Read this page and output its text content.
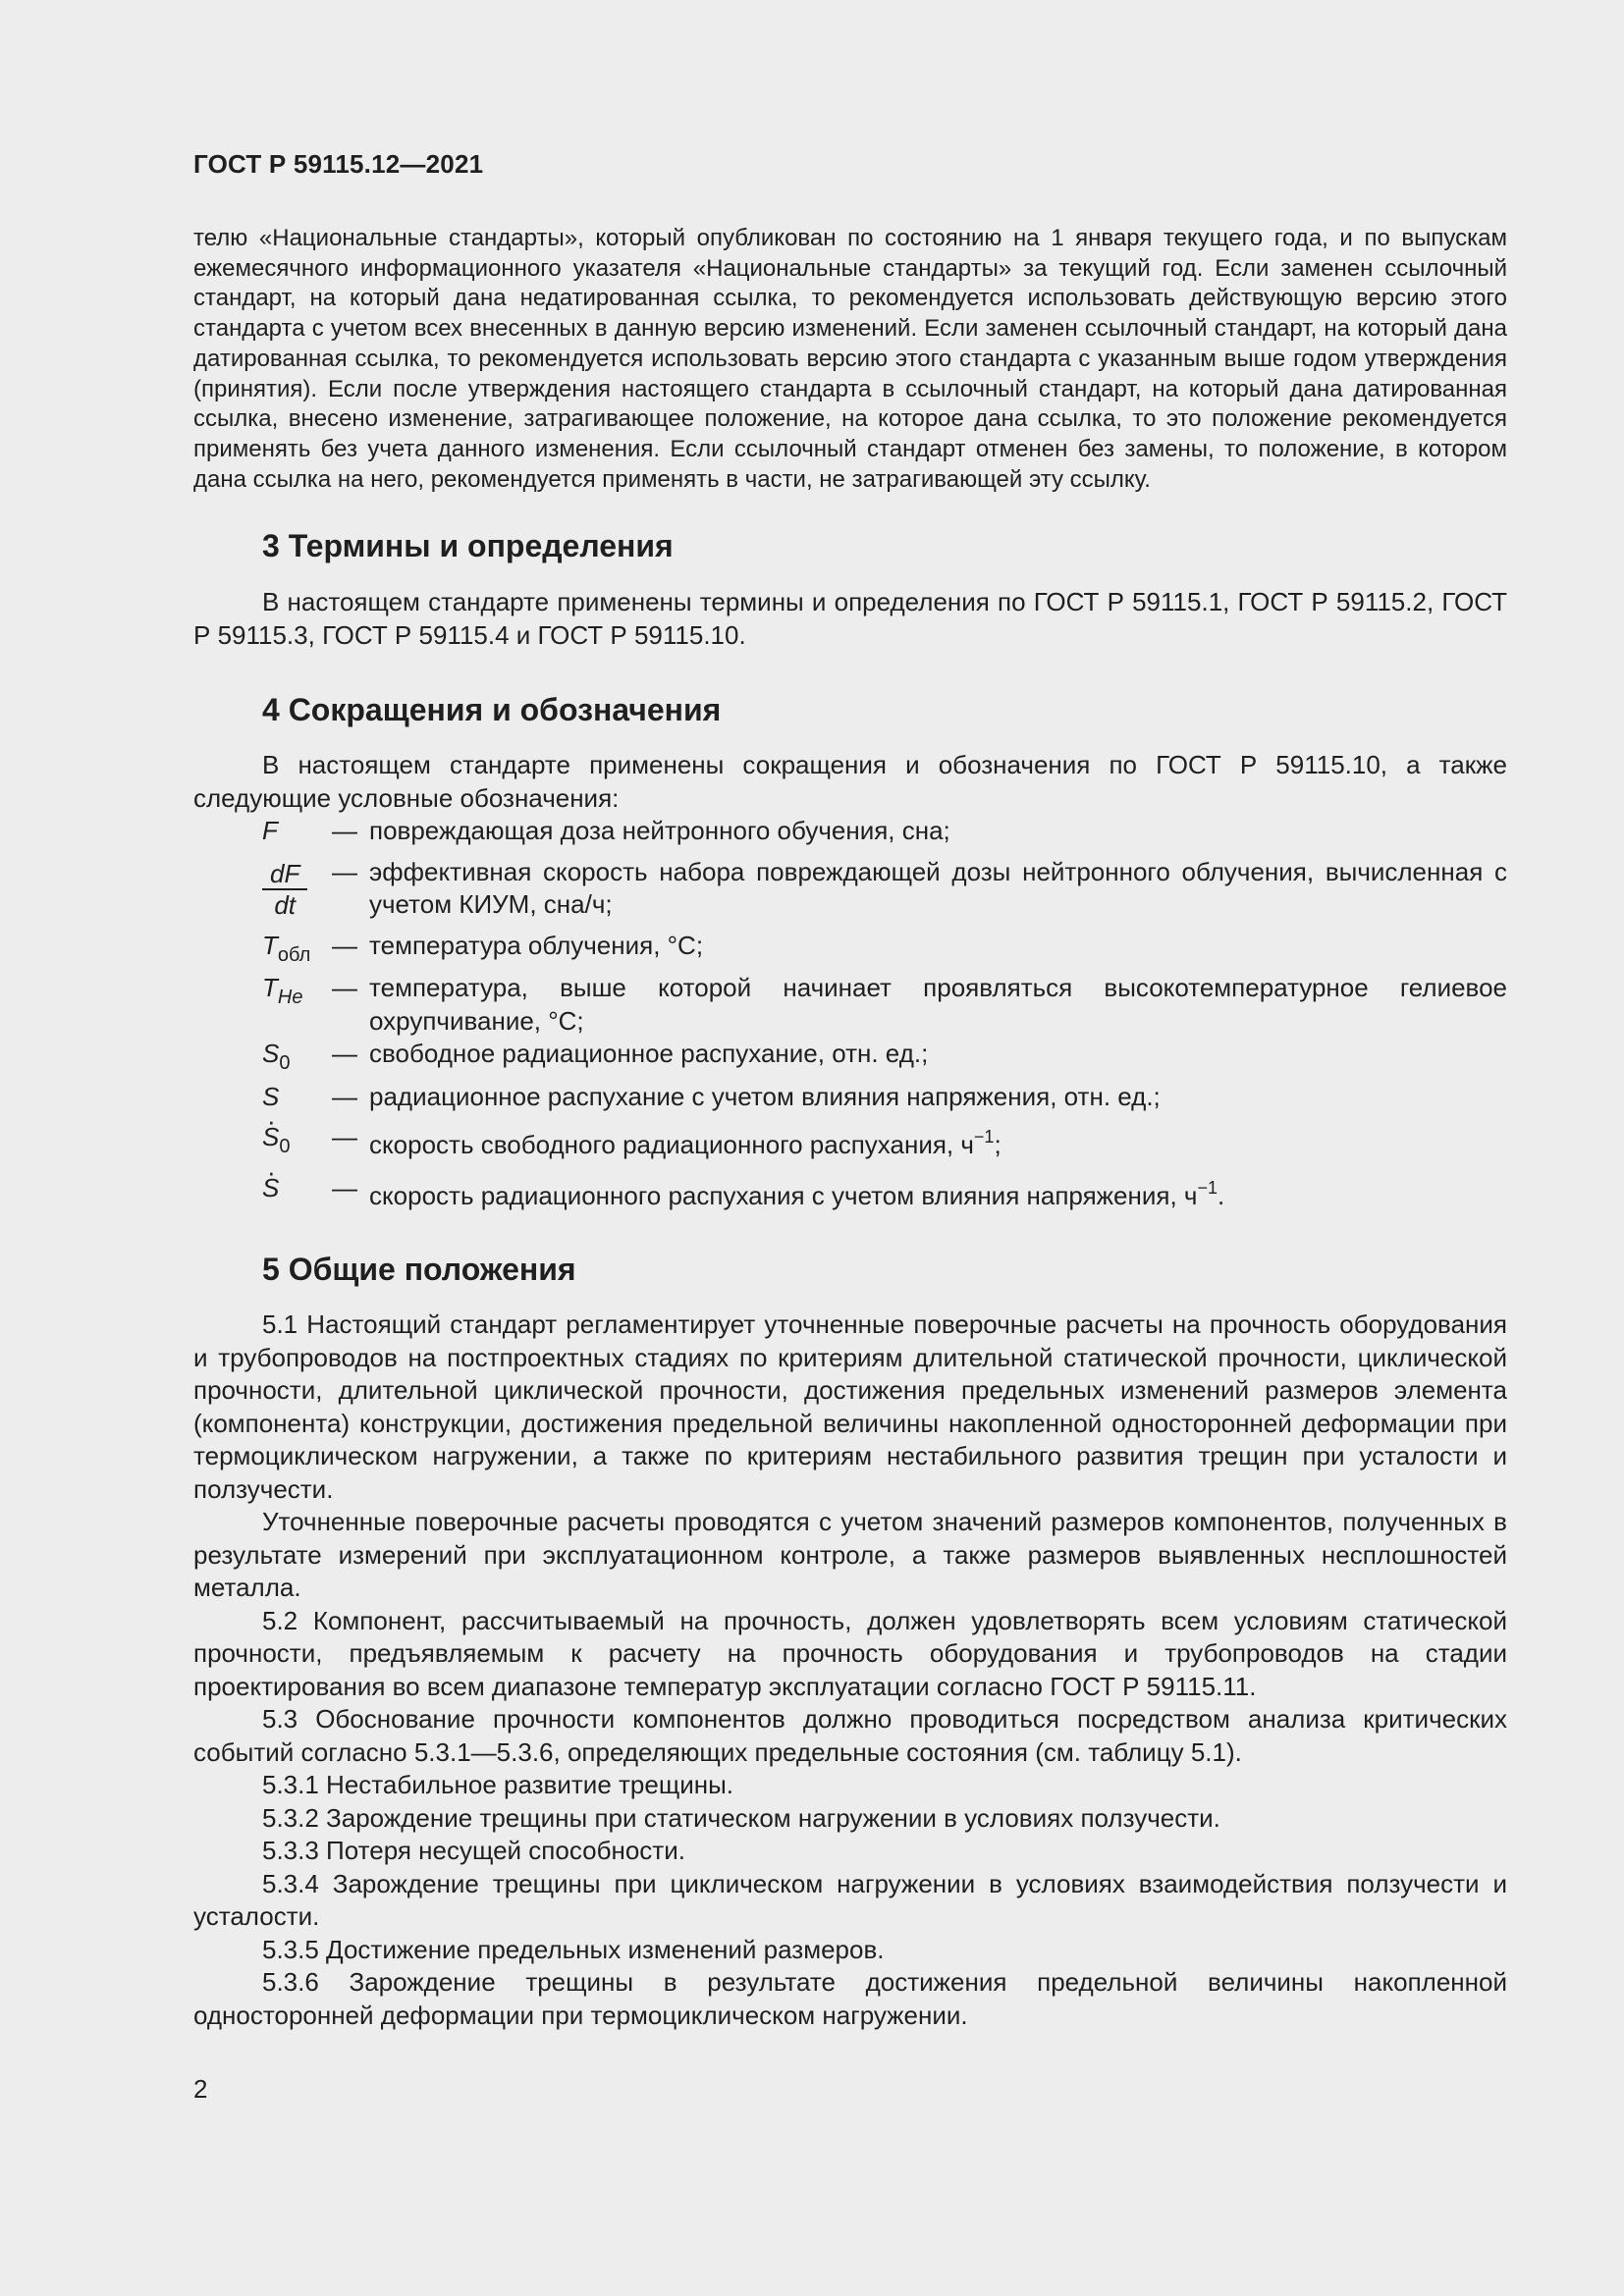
ГОСТ Р 59115.12—2021

телю «Национальные стандарты», который опубликован по состоянию на 1 января текущего года, и по выпускам ежемесячного информационного указателя «Национальные стандарты» за текущий год. Если заменен ссылочный стандарт, на который дана недатированная ссылка, то рекомендуется использовать действующую версию этого стандарта с учетом всех внесенных в данную версию изменений. Если заменен ссылочный стандарт, на который дана датированная ссылка, то рекомендуется использовать версию этого стандарта с указанным выше годом утверждения (принятия). Если после утверждения настоящего стандарта в ссылочный стандарт, на который дана датированная ссылка, внесено изменение, затрагивающее положение, на которое дана ссылка, то это положение рекомендуется применять без учета данного изменения. Если ссылочный стандарт отменен без замены, то положение, в котором дана ссылка на него, рекомендуется применять в части, не затрагивающей эту ссылку.

3 Термины и определения

В настоящем стандарте применены термины и определения по ГОСТ Р 59115.1, ГОСТ Р 59115.2, ГОСТ Р 59115.3, ГОСТ Р 59115.4 и ГОСТ Р 59115.10.

4 Сокращения и обозначения

В настоящем стандарте применены сокращения и обозначения по ГОСТ Р 59115.10, а также следующие условные обозначения:

F	— повреждающая доза нейтронного обучения, сна;
$\frac{dF}{dt}$ — эффективная скорость набора повреждающей дозы нейтронного облучения, вычисленная с учетом КИУМ, сна/ч;
$T_{обл}$ — температура облучения, °С;
$T_{He}$	— температура, выше которой начинает проявляться высокотемпературное гелиевое охрупчивание, °С;
$S_0$	— свободное радиационное распухание, отн. ед.;
S	— радиационное распухание с учетом влияния напряжения, отн. ед.;
· $S_0$	— скорость свободного радиационного распухания, $ч^{-1}$;
· S	— скорость радиационного распухания с учетом влияния напряжения, $ч^{-1}$.
5 Общие положения

5.1 Настоящий стандарт регламентирует уточненные поверочные расчеты на прочность оборудования и трубопроводов на постпроектных стадиях по критериям длительной статической прочности, циклической прочности, длительной циклической прочности, достижения предельных изменений размеров элемента (компонента) конструкции, достижения предельной величины накопленной односторонней деформации при термоциклическом нагружении, а также по критериям нестабильного развития трещин при усталости и ползучести.

Уточненные поверочные расчеты проводятся с учетом значений размеров компонентов, полученных в результате измерений при эксплуатационном контроле, а также размеров выявленных несплошностей металла.

5.2 Компонент, рассчитываемый на прочность, должен удовлетворять всем условиям статической прочности, предъявляемым к расчету на прочность оборудования и трубопроводов на стадии проектирования во всем диапазоне температур эксплуатации согласно ГОСТ Р 59115.11.

5.3 Обоснование прочности компонентов должно проводиться посредством анализа критических событий согласно 5.3.1—5.3.6, определяющих предельные состояния (см. таблицу 5.1).

5.3.1 Нестабильное развитие трещины.

5.3.2 Зарождение трещины при статическом нагружении в условиях ползучести.

5.3.3 Потеря несущей способности.

5.3.4 Зарождение трещины при циклическом нагружении в условиях взаимодействия ползучести и усталости.

5.3.5 Достижение предельных изменений размеров.

5.3.6 Зарождение трещины в результате достижения предельной величины накопленной односторонней деформации при термоциклическом нагружении.

2
